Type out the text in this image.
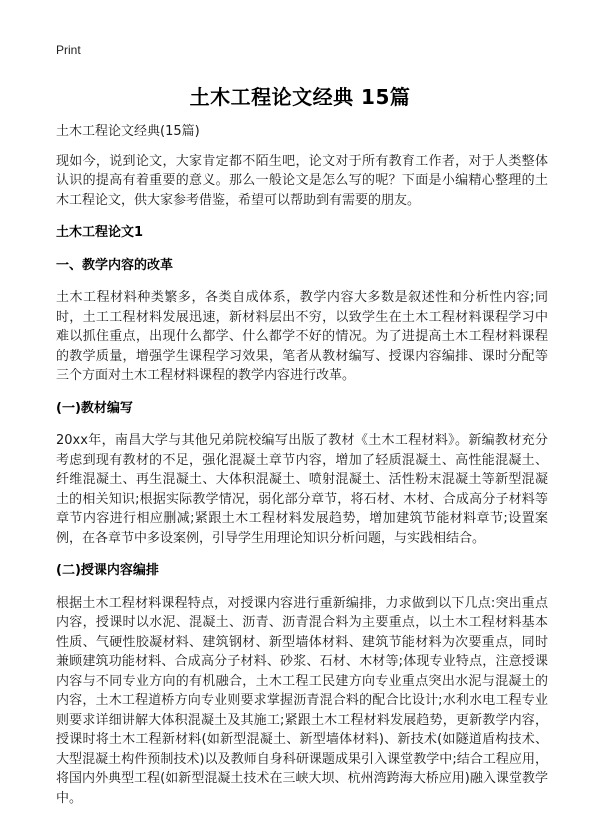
Print
土木工程论文经典 15篇

土木工程论文经典(15篇)

现如今，说到论文，大家肯定都不陌生吧，论文对于所有教育工作者，对于人类整体认识的提高有着重要的意义。那么一般论文是怎么写的呢？下面是小编精心整理的土木工程论文，供大家参考借鉴，希望可以帮助到有需要的朋友。

土木工程论文1

一、教学内容的改革

土木工程材料种类繁多，各类自成体系，教学内容大多数是叙述性和分析性内容;同时，土工工程材料发展迅速，新材料层出不穷，以致学生在土木工程材料课程学习中难以抓住重点，出现什么都学、什么都学不好的情况。为了进提高土木工程材料课程的教学质量，增强学生课程学习效果，笔者从教材编写、授课内容编排、课时分配等三个方面对土木工程材料课程的教学内容进行改革。

(一)教材编写

20xx年，南昌大学与其他兄弟院校编写出版了教材《土木工程材料》。新编教材充分考虑到现有教材的不足，强化混凝土章节内容，增加了轻质混凝土、高性能混凝土、纤维混凝土、再生混凝土、大体积混凝土、喷射混凝土、活性粉末混凝土等新型混凝土的相关知识;根据实际教学情况，弱化部分章节，将石材、木材、合成高分子材料等章节内容进行相应删减;紧跟土木工程材料发展趋势，增加建筑节能材料章节;设置案例，在各章节中多设案例，引导学生用理论知识分析问题，与实践相结合。

(二)授课内容编排

根据土木工程材料课程特点，对授课内容进行重新编排，力求做到以下几点:突出重点内容，授课时以水泥、混凝土、沥青、沥青混合料为主要重点，以土木工程材料基本性质、气硬性胶凝材料、建筑钢材、新型墙体材料、建筑节能材料为次要重点，同时兼顾建筑功能材料、合成高分子材料、砂浆、石材、木材等;体现专业特点，注意授课内容与不同专业方向的有机融合，土木工程工民建方向专业重点突出水泥与混凝土的内容，土木工程道桥方向专业则要求掌握沥青混合料的配合比设计;水利水电工程专业则要求详细讲解大体积混凝土及其施工;紧跟土木工程材料发展趋势，更新教学内容，授课时将土木工程新材料(如新型混凝土、新型墙体材料)、新技术(如隧道盾构技术、大型混凝土构件预制技术)以及教师自身科研课题成果引入课堂教学中;结合工程应用，将国内外典型工程(如新型混凝土技术在三峡大坝、杭州湾跨海大桥应用)融入课堂教学中。
